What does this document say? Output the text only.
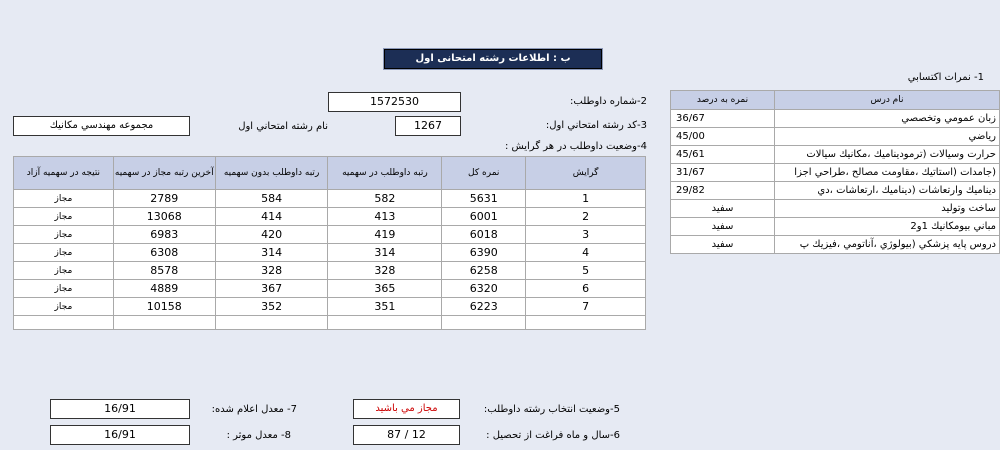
ب : اطلاعات رشته امتحانی اول
1- نمرات اكتسابي
نمره به درصد	نام درس
36/67	زبان عمومي وتخصصي
45/00	رياضي
45/61	حرارت وسيالات (ترموديناميك ،مكانيك سيالات
31/67	(جامدات (استاتيك ،مقاومت مصالح ،طراحي اجزا
29/82	ديناميك وارتعاشات (ديناميك ،ارتعاشات ،دي
سفيد	ساخت وتوليد
سفيد	مباني بيومكانيك 1و2
سفيد	دروس پايه پزشكي (بيولوژي ،آناتومي ،فيزيك پ
1572530	2-شماره داوطلب:
مجموعه مهندسي مكانيك	نام رشته امتحاني اول	1267	3-كد رشته امتحاني اول:
4-وضعيت داوطلب در هر گرايش :
نتيجه در سهميه آزاد	آخرين رتبه مجاز در سهميه	رتبه داوطلب بدون سهميه	رتبه داوطلب در سهميه	نمره كل	گرايش
مجاز	2789	584	582	5631	1
مجاز	13068	414	413	6001	2
مجاز	6983	420	419	6018	3
مجاز	6308	314	314	6390	4
مجاز	8578	328	328	6258	5
مجاز	4889	367	365	6320	6
مجاز	10158	352	351	6223	7

مجاز مي باشيد	5-وضعيت انتخاب رشته داوطلب:
16/91	7- معدل اعلام شده:
87 / 12	6-سال و ماه فراغت از تحصيل :
16/91	8- معدل موثر :
